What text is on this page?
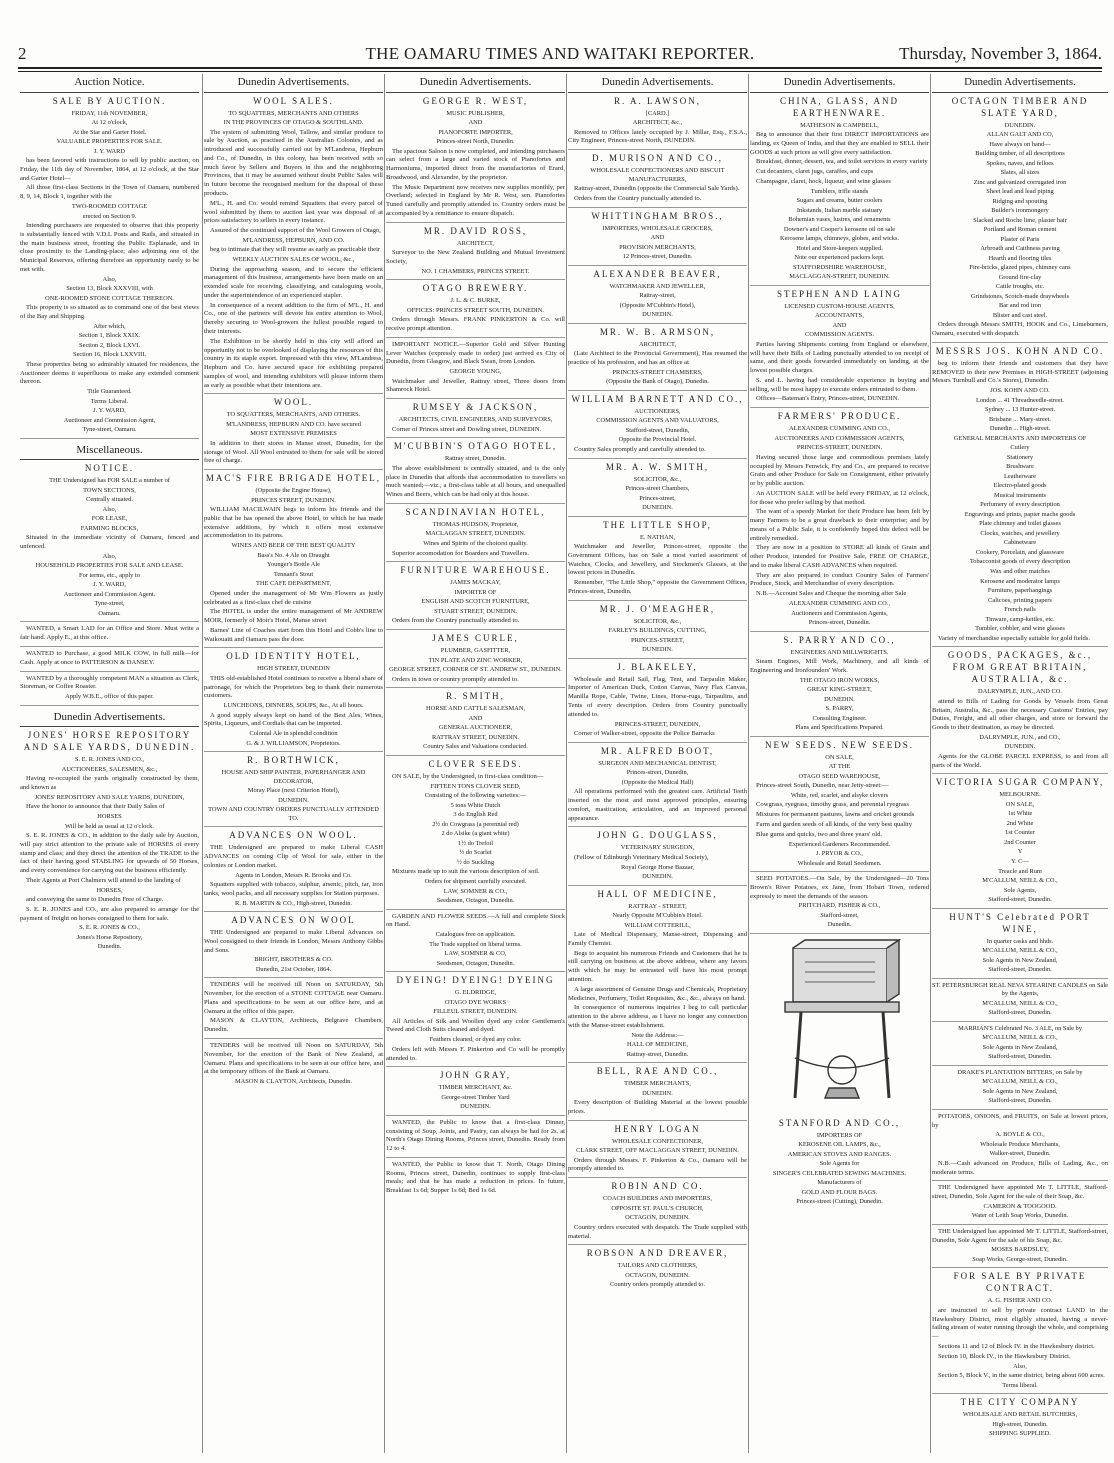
2	THE OAMARU TIMES AND WAITAKI REPORTER.	Thursday, November 3, 1864.
Auction Notice.
SALE BY AUCTION.
FRIDAY, 11th NOVEMBER,
At 12 o'clock,
At the Star and Garter Hotel.
VALUABLE PROPERTIES FOR SALE.
J. Y. WARD
has been favored with instructions to sell by public auction, on Friday, the 11th day of November, 1864, at 12 o'clock, at the Star and Garter Hotel—
All those first-class Sections in the Town of Oamaru, numbered 8, 9, 14, Block 1, together with the
TWO-ROOMED COTTAGE
erected on Section 9.
Intending purchasers are requested to observe that this property is substantially fenced with V.D.L Posts and Rails, and situated in the main business street, fronting the Public Esplanade, and in close proximity to the Landing-place; also adjoining one of the Municipal Reserves, offering therefore an opportunity rarely to be met with.
Also,
Section 13, Block XXXVIII, with
ONE-ROOMED STONE COTTAGE THEREON.
This property is so situated as to command one of the best views of the Bay and Shipping.
After which,
Section 1, Block XXIX.
Section 2, Block LXVI.
Section 16, Block LXXVIII.
These properties being so admirably situated for residences, the Auctioneer deems it superfluous to make any extended comment thereon.
Title Guaranteed.
Terms Liberal.
J. Y. WARD,
Auctioneer and Commission Agent,
Tyne-street, Oamaru.
Miscellaneous.
NOTICE.
THE Undersigned has FOR SALE a number of
TOWN SECTIONS,
Centrally situated.
Also,
FOR LEASE,
FARMING BLOCKS,
Situated in the immediate vicinity of Oamaru, fenced and unfenced.
Also,
HOUSEHOLD PROPERTIES FOR SALE AND LEASE.
For terms, etc., apply to
J. Y. WARD,
Auctioneer and Commission Agent.
Tyne-street,
Oamaru.
WANTED, a Smart LAD for an Office and Store. Must write a fair hand. Apply E., at this office.
WANTED to Purchase, a good MILK COW, in full milk—for Cash. Apply at once to PATTERSON & DANSEY.
WANTED by a thoroughly competent MAN a situation as Clerk, Storeman, or Coffee Roaster.
Apply W.B.E., office of this paper.
Dunedin Advertisements.
JONES' HORSE REPOSITORY AND SALE YARDS, DUNEDIN.
S. E. R. JONES AND CO.,
AUCTIONEERS, SALESMEN, &c.,
Having re-occupied the yards originally constructed by them, and known as
JONES' REPOSITORY AND SALE YARDS, DUNEDIN,
Have the honor to announce that their Daily Sales of
HORSES
Will be held as usual at 12 o'clock.
S. E. R. JONES & CO., in addition to the daily sale by Auction, will pay strict attention to the private sale of HORSES of every stamp and class; and they direct the attention of the TRADE to the fact of their having good STABLING for upwards of 50 Horses, and every convenience for carrying out the business efficiently.
Their Agents at Port Chalmers will attend to the landing of
HORSES,
and conveying the same to Dunedin Free of Charge.
S. E. R. JONES and CO., are also prepared to arrange for the payment of freight on horses consigned to them for sale.
S. E. R. JONES & CO.,
Jones's Horse Repository,
Dunedin.
Dunedin Advertisements.
WOOL SALES.
TO SQUATTERS, MERCHANTS AND OTHERS
IN THE PROVINCES OF OTAGO & SOUTHLAND.
The system of submitting Wool, Tallow, and similar produce to sale by Auction, as practised in the Australian Colonies, and as introduced and successfully carried out by M'Landress, Hepburn and Co., of Dunedin, in this colony, has been received with so much favor by Sellers and Buyers in this and the neighboring Provinces, that it may be assumed without doubt Public Sales will in future become the recognised medium for the disposal of these products.
M'L., H. and Co. would remind Squatters that every parcel of wool submitted by them to auction last year was disposal of at prices satisfactory to sellers in every instance.
Assured of the continued support of the Wool Growers of Otago,
M'LANDRESS, HEPBURN, AND CO.
beg to intimate that they will resume as early as practicable their
WEEKLY AUCTION SALES OF WOOL, &c.,
During the approaching season, and to secure the efficient management of this business, arrangements have been made on an extended scale for receiving, classifying, and cataloguing wools, under the superintendence of an experienced stapler.
In consequence of a recent addition to the firm of M'L., H. and Co., one of the partners will devote his entire attention to Wool, thereby securing to Wool-growers the fullest possible regard to their interests.
The Exhibition to be shortly held in this city will afford an opportunity not to be overlooked of displaying the resources of this country in its staple export. Impressed with this view, M'Landress, Hepburn and Co. have secured space for exhibiting prepared samples of wool, and intending exhibitors will please inform them as early as possible what their intentions are.
WOOL.
TO SQUATTERS, MERCHANTS, AND OTHERS.
M'LANDRESS, HEPBURN AND CO. have secured
MOST EXTENSIVE PREMISES
In addition to their stores in Manse street, Dunedin, for the storage of Wool. All Wool entrusted to them for sale will be stored free of charge.
MAC'S FIRE BRIGADE HOTEL,
(Opposite the Engine House),
PRINCES STREET, DUNEDIN.
WILLIAM MACILWAIN begs to inform his friends and the public that he has opened the above Hotel, to which he has made extensive additions, by which it offers most extensive accommodation to its patrons.
WINES AND BEER OF THE BEST QUALITY
Bass's No. 4 Ale on Draught
Younger's Bottle Ale
Tennant's Stout
THE CAFE DEPARTMENT,
Opened under the management of Mr Wm Flowers as justly celebrated as a first-class chef de cuisine
The HOTEL is under the entire management of Mr ANDREW MOIR, formerly of Moir's Hotel, Manse street
Barnes' Line of Coaches start from this Hotel and Cobb's line to Waikouaiti and Oamaru pass the door.
OLD IDENTITY HOTEL,
HIGH STREET, DUNEDIN
THIS old-established Hotel continues to receive a liberal share of patronage, for which the Proprietors beg to thank their numerous customers.
LUNCHEONS, DINNERS, SOUPS, &c., At all hours.
A good supply always kept on hand of the Best Ales, Wines, Spirits, Liqueurs, and Cordials that can be imported.
Colonial Ale in splendid condition
G. & J. WILLIAMSON, Proprietors.
R. BORTHWICK,
HOUSE AND SHIP PAINTER, PAPERHANGER AND DECORATOR,
Moray Place (next Criterion Hotel),
DUNEDIN.
TOWN AND COUNTRY ORDERS PUNCTUALLY ATTENDED TO.
ADVANCES ON WOOL.
THE Undersigned are prepared to make Liberal CASH ADVANCES on coming Clip of Wool for sale, either in the colonies or London market.
Agents in London, Messrs R. Brooks and Co.
Squatters supplied with tobacco, sulphur, arsenic, pitch, tar, iron tanks, wool packs, and all necessary supplies for Station purposes.
R. B. MARTIN & CO., High-street, Dunedin.
ADVANCES ON WOOL
THE Undersigned are prepared to make Liberal Advances on Wool consigned to their friends in London, Messrs Anthony Gibbs and Sons.
BRIGHT, BROTHERS & CO.
Dunedin, 21st October, 1864.
TENDERS will be received till Noon on SATURDAY, 5th November, for the erection of a STONE COTTAGE near Oamaru. Plans and specifications to be seen at our office here, and at Oamaru at the office of this paper.
MASON & CLAYTON, Architects, Belgrave Chambers, Dunedin.
TENDERS will be received till Noon on SATURDAY, 5th November, for the erection of the Bank of New Zealand, at Oamaru. Plans and specifications to be seen at our office here, and at the temporary offices of the Bank at Oamaru.
MASON & CLAYTON, Architects, Dunedin.
Dunedin Advertisements.
GEORGE R. WEST,
MUSIC PUBLISHER,
AND
PIANOFORTE IMPORTER,
Princes-street North, Dunedin.
The spacious Saloon is now completed, and intending purchasers can select from a large and varied stock of Pianofortes and Harmoniums, imported direct from the manufactories of Erard, Broadwood, and Alexandre, by the proprietor.
The Music Department now receives new supplies monthly, per Overland; selected in England by Mr R. West, sen. Pianofortes Tuned carefully and promptly attended to. Country orders must be accompanied by a remittance to ensure dispatch.
MR. DAVID ROSS,
ARCHITECT,
Surveyor to the New Zealand Building and Mutual Investment Society,
NO. 1 CHAMBERS, PRINCES STREET.
OTAGO BREWERY.
J. L. & C. BURKE,
OFFICES: PRINCES STREET SOUTH, DUNEDIN.
Orders through Messrs. FRANK PINKERTON & Co. will receive prompt attention.
IMPORTANT NOTICE.—Superior Gold and Silver Hunting Lever Watches (expressly made to order) just arrived ex City of Dunedin, from Glasgow, and Black Swan, from London.
GEORGE YOUNG,
Watchmaker and Jeweller, Rattray street, Three doors from Shamrock Hotel.
RUMSEY & JACKSON,
ARCHITECTS, CIVIL ENGINEERS, AND SURVEYORS,
Corner of Princes street and Dowling street, DUNEDIN.
M'CUBBIN'S OTAGO HOTEL,
Rattray street, Dunedin.
The above establishment is centrally situated, and is the only place in Dunedin that affords that accommodation to travellers so much wanted;—viz., a first-class table at all hours, and unequalled Wines and Beers, which can be had only at this house.
SCANDINAVIAN HOTEL,
THOMAS HUDSON, Proprietor,
MACLAGGAN STREET, DUNEDIN.
Wines and Spirits of the choicest quality.
Superior accomodation for Boarders and Travellers.
FURNITURE WAREHOUSE.
JAMES MACKAY,
IMPORTER OF
ENGLISH AND SCOTCH FURNITURE,
STUART STREET, DUNEDIN.
Orders from the Country punctually attended to.
JAMES CURLE,
PLUMBER, GASFITTER,
TIN PLATE AND ZINC WORKER,
GEORGE STREET, CORNER OF ST. ANDREW ST., DUNEDIN.
Orders in town or country promptly attended to.
R. SMITH,
HORSE AND CATTLE SALESMAN,
AND
GENERAL AUCTIONEER,
RATTRAY STREET, DUNEDIN.
Country Sales and Valuations conducted.
CLOVER SEEDS.
ON SALE, by the Undersigned, in first-class condition—
FIFTEEN TONS CLOVER SEED,
Consisting of the following varieties:—
5 tons White Dutch
3 do English Red
2½ do Cowgrass (a perennial red)
2 do Alsike (a giant white)
1½ do Trefoil
½ do Scarlet
½ do Suckling
Mixtures made up to suit the various description of soil.
Orders for shipment carefully executed.
LAW, SOMNER & CO.,
Seedsmen, Octagon, Dunedin.
GARDEN AND FLOWER SEEDS.—A full and complete Stock on Hand.
Catalogues free on application.
The Trade supplied on liberal terms.
LAW, SOMNER & CO,
Seedsmen, Octagon, Dunedin.
DYEING! DYEING! DYEING
G. ELDRIDGE,
OTAGO DYE WORKS
FILLEUL STREET, DUNEDIN.
All Articles of Silk and Woollen dyed any color Gentlemen's Tweed and Cloth Suits cleaned and dyed.
Feathers cleaned, or dyed any color.
Orders left with Messrs F. Pinkerton and Co will be promptly attended to.
JOHN GRAY,
TIMBER MERCHANT, &c.
George-street Timber Yard
DUNEDIN.
WANTED, the Public to know that a first-class Dinner, consisting of Soup, Joints, and Pastry, can always be had for 2s. at North's Otago Dining Rooms, Princes street, Dunedin. Ready from 12 to 4.
WANTED, the Public to know that T. North, Otago Dining Rooms, Princes street, Dunedin, continues to supply first-class meals; and that he has made a reduction in prices. In future, Breakfast 1s 6d; Supper 1s 6d; Bed 1s 6d.
Dunedin Advertisements.
R. A. LAWSON,
[CARD.]
ARCHITECT, &c.,
Removed to Offices lately occupied by J. Millar, Esq., F.S.A., City Engineer, Princes-street North, DUNEDIN.
D. MURISON AND CO.,
WHOLESALE CONFECTIONERS AND BISCUIT MANUFACTURERS,
Rattray-street, Dunedin (opposite the Commercial Sale Yards).
Orders from the Country punctually attended to.
WHITTINGHAM BROS.,
IMPORTERS, WHOLESALE GROCERS,
AND
PROVISION MERCHANTS,
12 Princes-street, Dunedin.
ALEXANDER BEAVER,
WATCHMAKER AND JEWELLER,
Rattray-street,
(Opposite M'Cubbin's Hotel),
DUNEDIN.
MR. W. B. ARMSON,
ARCHITECT,
(Late Architect to the Provincial Government), Has resumed the practice of his profession, and has an office at
PRINCES-STREET CHAMBERS,
(Opposite the Bank of Otago), Dunedin.
WILLIAM BARNETT AND CO.,
AUCTIONEERS,
COMMISSION AGENTS AND VALUATORS,
Stafford-street, Dunedin,
Opposite the Provincial Hotel.
Country Sales promptly and carefully attended to.
MR. A. W. SMITH,
SOLICITOR, &c.,
Princes-street Chambers,
Princes-street,
DUNEDIN.
THE LITTLE SHOP,
E. NATHAN,
Watchmaker and Jeweller, Princes-street, opposite the Government Offices, has on Sale a most varied assortment of Watches, Clocks, and Jewellery, and Stockmen's Glasses, at the lowest prices in Dunedin.
Remember, "The Little Shop," opposite the Government Offices, Princes-street, Dunedin.
MR. J. O'MEAGHER,
SOLICITOR, &c.,
FARLEY'S BUILDINGS, CUTTING,
PRINCES-STREET,
DUNEDIN.
J. BLAKELEY,
Wholesale and Retail Sail, Flag, Tent, and Tarpaulin Maker, Importer of American Duck, Cotton Canvas, Navy Flax Canvas, Manilla Rope, Cable, Twine, Lines, Horse-rugs, Tarpaulins, and Tents of every description. Orders from Country punctually attended to.
PRINCES-STREET, DUNEDIN,
Corner of Walker-street, opposite the Police Barracks
MR. ALFRED BOOT,
SURGEON AND MECHANICAL DENTIST,
Princes-street, Dunedin,
(Opposite the Medical Hall)
All operations performed with the greatest care. Artificial Teeth inserted on the most and most approved principles, ensuring comfort, mastication, articulation, and an improved personal appearance.
JOHN G. DOUGLASS,
VETERINARY SURGEON,
(Fellow of Edinburgh Veterinary Medical Society),
Royal George Horse Bazaar,
DUNEDIN.
HALL OF MEDICINE,
RATTRAY - STREET,
Nearly Opposite M'Cubbin's Hotel.
WILLIAM COTTERILL,
Late of Medical Dispensary, Manse-street, Dispensing and Family Chemist.
Begs to acquaint his numerous Friends and Customers that he is still carrying on business at the above address, where any favors with which he may be entrusted will have his most prompt attention.
A large assortment of Genuine Drugs and Chemicals, Proprietary Medicines, Perfumery, Toilet Requisites, &c., &c., always on hand.
In consequence of numerous inquiries I beg to call particular attention to the above address, as I have no longer any connection with the Manse-street establishment.
Note the Address:—
HALL OF MEDICINE,
Rattray-street, Dunedin.
BELL, RAE AND CO.,
TIMBER MERCHANTS,
DUNEDIN.
Every description of Building Material at the lowest possible prices.
HENRY LOGAN
WHOLESALE CONFECTIONER,
CLARK STREET, OFF MACLAGGAN STREET, DUNEDIN.
Orders through Messrs. F. Pinkerton & Co., Oamaru will be promptly attended to.
ROBIN AND CO.
COACH BUILDERS AND IMPORTERS,
OPPOSITE ST. PAUL'S CHURCH,
OCTAGON, DUNEDIN.
Country orders executed with despatch. The Trade supplied with material.
ROBSON AND DREAVER,
TAILORS AND CLOTHIERS,
OCTAGON, DUNEDIN.
Country orders promptly attended to.
Dunedin Advertisements.
CHINA, GLASS, AND EARTHENWARE.
MATHESON & CAMPBELL,
Beg to announce that their first DIRECT IMPORTATIONS are landing, ex Queen of India, and that they are enabled to SELL their GOODS at such prices as will give every satisfaction.
Breakfast, dinner, dessert, tea, and toilet services in every variety
Cut decanters, claret jugs, caraffes, and cups
Champagne, claret, hock, liqueur, and wine glasses
Tumblers, trifle stands
Sugars and creams, butter coolers
Inkstands, Italian marble statuary
Bohemian vases, lustres, and ornaments
Downer's and Cooper's kerosene oil on sale
Kerosene lamps, chimneys, globes, and wicks.
Hotel and Store-keepers supplied.
Note our experienced packers kept.
STAFFORDSHIRE WAREHOUSE,
MACLAGGAN-STREET, DUNEDIN.
STEPHEN AND LAING
LICENSED CUSTOM-HOUSE AGENTS,
ACCOUNTANTS,
AND
COMMISSION AGENTS.
Parties having Shipments coming from England or elsewhere, will have their Bills of Lading punctually attended to on receipt of same, and their goods forwarded immediately on landing, at the lowest possible charges.
S. and L. having had considerable experience in buying and selling, will be most happy to execute orders entrusted to them.
Offices—Bateman's Entry, Princes-street, DUNEDIN.
FARMERS' PRODUCE.
ALEXANDER CUMMING AND CO.,
AUCTIONEERS AND COMMISSION AGENTS,
PRINCES-STREET, DUNEDIN.
Having secured those large and commodious premises lately occupied by Messrs Fenwick, Fry and Co., are prepared to receive Grain and other Produce for Sale on Consignment, either privately or by public auction.
An AUCTION SALE will be held every FRIDAY, at 12 o'clock, for those who prefer selling by that method.
The want of a speedy Market for their Produce has been felt by many Farmers to be a great drawback to their enterprise; and by means of a Public Sale, it is confidently hoped this defect will be entirely remedied.
They are now in a position to STORE all kinds of Grain and other Produce, intended for Positive Sale, FREE OF CHARGE, and to make liberal CASH ADVANCES when required.
They are also prepared to conduct Country Sales of Farmers' Produce, Stock, and Merchandise of every description.
N.B.—Account Sales and Cheque the morning after Sale
ALEXANDER CUMMING AND CO.,
Auctioneers and Commission Agents,
Princes-street, Dunedin.
S. PARRY AND CO.,
ENGINEERS AND MILLWRIGHTS.
Steam Engines, Mill Work, Machinery, and all kinds of Engineering and Ironfounders' Work.
THE OTAGO IRON WORKS,
GREAT KING-STREET,
DUNEDIN.
S. PARRY,
Consulting Engineer.
Plans and Specifications Prepared.
NEW SEEDS. NEW SEEDS.
ON SALE,
AT THE
OTAGO SEED WAREHOUSE,
Princes-street South, Dunedin, near Jetty-street:—
White, red, scarlet, and alsyke clovers
Cowgrass, ryegrass, timothy grass, and perennial ryegrass
Mixtures for permanent pastures, lawns and cricket grounds
Farm and garden seeds of all kinds, of the very best quality
Blue gums and quicks, two and three years' old.
Experienced Gardeners Recommended.
J. PRYOR & CO.,
Wholesale and Retail Seedsmen.
SEED POTATOES.—On Sale, by the Undersigned—20 Tons Brown's River Potatoes, ex Jane, from Hobart Town, ordered expressly to meet the demands of the season.
PRITCHARD, FISHER & CO.,
Stafford-street,
Dunedin.
STANFORD AND CO.,
IMPORTERS OF
KEROSENE OIL LAMPS, &c.,
AMERICAN STOVES AND RANGES.
Sole Agents for
SINGER'S CELEBRATED SEWING MACHINES.
Manufacturers of
GOLD AND FLOUR BAGS.
Princes-street (Cutting), Dunedin.
Dunedin Advertisements.
OCTAGON TIMBER AND SLATE YARD,
DUNEDIN.
ALLAN GALT AND CO,
Have always on hand—
Building timber, of all descriptions
Spokes, naves, and felloes
Slates, all sizes
Zinc and galvanized corrugated iron
Sheet lead and lead piping
Ridging and spouting
Builder's ironmongery
Slacked and Roche lime, plaster hair
Portland and Roman cement
Plaster of Paris
Arbroath and Caithness paving
Hearth and flooring tiles
Fire-bricks, glazed pipes, chimney cans
Ground fire-clay
Cattle troughs, etc.
Grindstones, Scotch-made draywheels
Bar and rod iron
Blister and cast steel.
Orders through Messrs SMITH, HOOK and Co., Limeburners, Oamaru, executed with despatch.
MESSRS JOS. KOHN AND CO.
beg to inform their friends and customers that they have REMOVED to their new Premises in HIGH-STREET (adjoining Messrs Turnbull and Co.'s Stores), Dunedin.
JOS. KOHN AND CO.
London ... 41 Threadneedle-street.
Sydney ... 13 Hunter-street.
Brisbane ... Mary-street.
Dunedin ... High-street.
GENERAL MERCHANTS AND IMPORTERS OF
Cutlery
Stationery
Brushware
Leatherware
Electro-plated goods
Musical instruments
Perfumery of every description
Engravings and prints, papier mache goods
Plate chimney and toilet glasses
Clocks, watches, and jewellery
Cabinetware
Cookery, Porcelain, and glassware
Tobacconist goods of every description
Wax and other matches
Kerosene and moderator lamps
Furniture, paperhangings
Calicoes, printing papers
French nails
Tinware, camp-kettles, etc.
Tumbler, cobbler, and wine glasses
Variety of merchandise especially suitable for gold fields.
GOODS, PACKAGES, &c., FROM GREAT BRITAIN, AUSTRALIA, &c.
DALRYMPLE, JUN., AND CO.
attend to Bills of Lading for Goods by Vessels from Great Britain, Australia, &c., pass the necessary Customs' Entries, pay Duties, Freight, and all other charges, and store or forward the Goods to their destination, as may be directed.
DALRYMPLE, JUN., and CO.,
DUNEDIN.
Agents for the GLOBE PARCEL EXPRESS, to and from all parts of the World.
VICTORIA SUGAR COMPANY,
MELBOURNE.
ON SALE,
1st White
2nd White
1st Counter
2nd Counter
Y
Y. C—
Treacle and Rum
M'CALLUM, NEILL & CO.,
Sole Agents,
Stafford-street, Dunedin.
HUNT'S Celebrated PORT WINE,
In quarter casks and hhds.
M'CALLUM, NEILL & CO.,
Sole Agents in New Zealand,
Stafford-street, Dunedin.
ST. PETERSBURGH REAL NEVA STEARINE CANDLES on Sale by the Agents,
M'CALLUM, NEILL & CO.,
Stafford-street, Dunedin.
MARRIAN'S Celebrated No. 3 ALE, on Sale by
M'CALLUM, NEILL & CO.,
Sole Agents in New Zealand,
Stafford-street, Dunedin.
DRAKE'S PLANTATION BITTERS, on Sale by
M'CALLUM, NEILL & CO.,
Sole Agents in New Zealand,
Stafford-street, Dunedin.
POTATOES, ONIONS, and FRUITS, on Sale at lowest prices, by
A. BOYLE & CO.,
Wholesale Produce Merchants,
Walker-street, Dunedin.
N.B.—Cash advanced on Produce, Bills of Lading, &c., on moderate terms.
THE Undersigned have appointed Mr T. LITTLE, Stafford-street, Dunedin, Sole Agent for the sale of their Soap, &c.
CAMERON & TOOGOOD.
Water of Leith Soap Works, Dunedin.
THE Undersigned has appointed Mr T. LITTLE, Stafford-street, Dunedin, Sole Agent for the sale of his Soap, &c.
MOSES BARDSLEY,
Soap Works, George-street, Dunedin.
FOR SALE BY PRIVATE CONTRACT.
A. G. FISHER AND CO.
are instructed to sell by private contract LAND in the Hawkesbury District, most eligibly situated, having a never-failing stream of water running through the whole, and comprising—
Sections 11 and 12 of Block IV. in the Hawkesbury district.
Section 10, Block IV., in the Hawkesbury District.
Also,
Section 5, Block V., in the same district, being about 600 acres.
Terms liberal.
THE CITY COMPANY
WHOLESALE AND RETAIL BUTCHERS,
High-street, Dunedin.
SHIPPING SUPPLIED.
